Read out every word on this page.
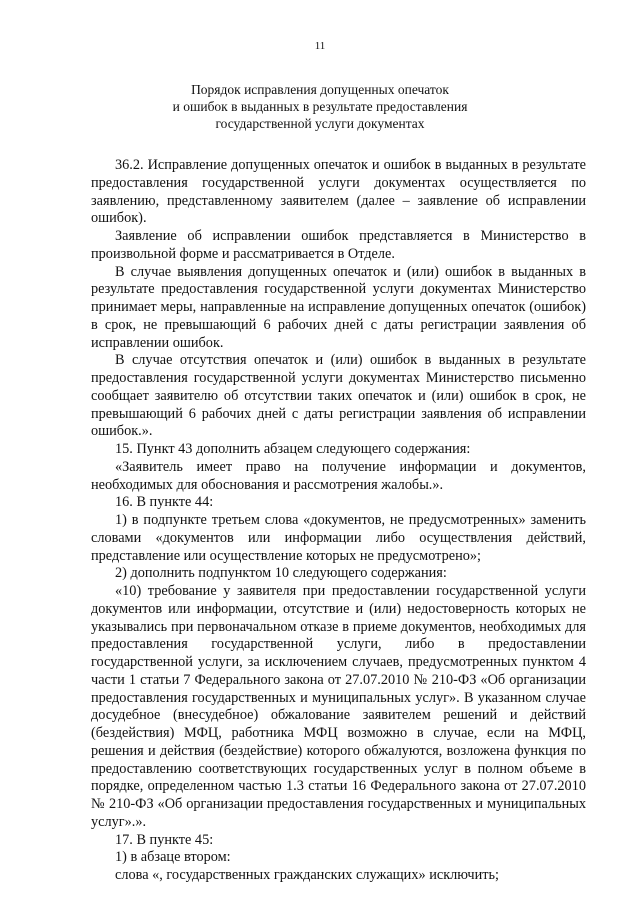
11
Порядок исправления допущенных опечаток
и ошибок в выданных в результате предоставления
государственной услуги документах

36.2. Исправление допущенных опечаток и ошибок в выданных в результате предоставления государственной услуги документах осуществляется по заявлению, представленному заявителем (далее – заявление об исправлении ошибок).

Заявление об исправлении ошибок представляется в Министерство в произвольной форме и рассматривается в Отделе.

В случае выявления допущенных опечаток и (или) ошибок в выданных в результате предоставления государственной услуги документах Министерство принимает меры, направленные на исправление допущенных опечаток (ошибок) в срок, не превышающий 6 рабочих дней с даты регистрации заявления об исправлении ошибок.

В случае отсутствия опечаток и (или) ошибок в выданных в результате предоставления государственной услуги документах Министерство письменно сообщает заявителю об отсутствии таких опечаток и (или) ошибок в срок, не превышающий 6 рабочих дней с даты регистрации заявления об исправлении ошибок.».

15. Пункт 43 дополнить абзацем следующего содержания:

«Заявитель имеет право на получение информации и документов, необходимых для обоснования и рассмотрения жалобы.».

16. В пункте 44:

1) в подпункте третьем слова «документов, не предусмотренных» заменить словами «документов или информации либо осуществления действий, представление или осуществление которых не предусмотрено»;

2) дополнить подпунктом 10 следующего содержания:

«10) требование у заявителя при предоставлении государственной услуги документов или информации, отсутствие и (или) недостоверность которых не указывались при первоначальном отказе в приеме документов, необходимых для предоставления государственной услуги, либо в предоставлении государственной услуги, за исключением случаев, предусмотренных пунктом 4 части 1 статьи 7 Федерального закона от 27.07.2010 № 210-ФЗ «Об организации предоставления государственных и муниципальных услуг». В указанном случае досудебное (внесудебное) обжалование заявителем решений и действий (бездействия) МФЦ, работника МФЦ возможно в случае, если на МФЦ, решения и действия (бездействие) которого обжалуются, возложена функция по предоставлению соответствующих государственных услуг в полном объеме в порядке, определенном частью 1.3 статьи 16 Федерального закона от 27.07.2010 № 210-ФЗ «Об организации предоставления государственных и муниципальных услуг».».

17. В пункте 45:

1) в абзаце втором:

слова «, государственных гражданских служащих» исключить;
